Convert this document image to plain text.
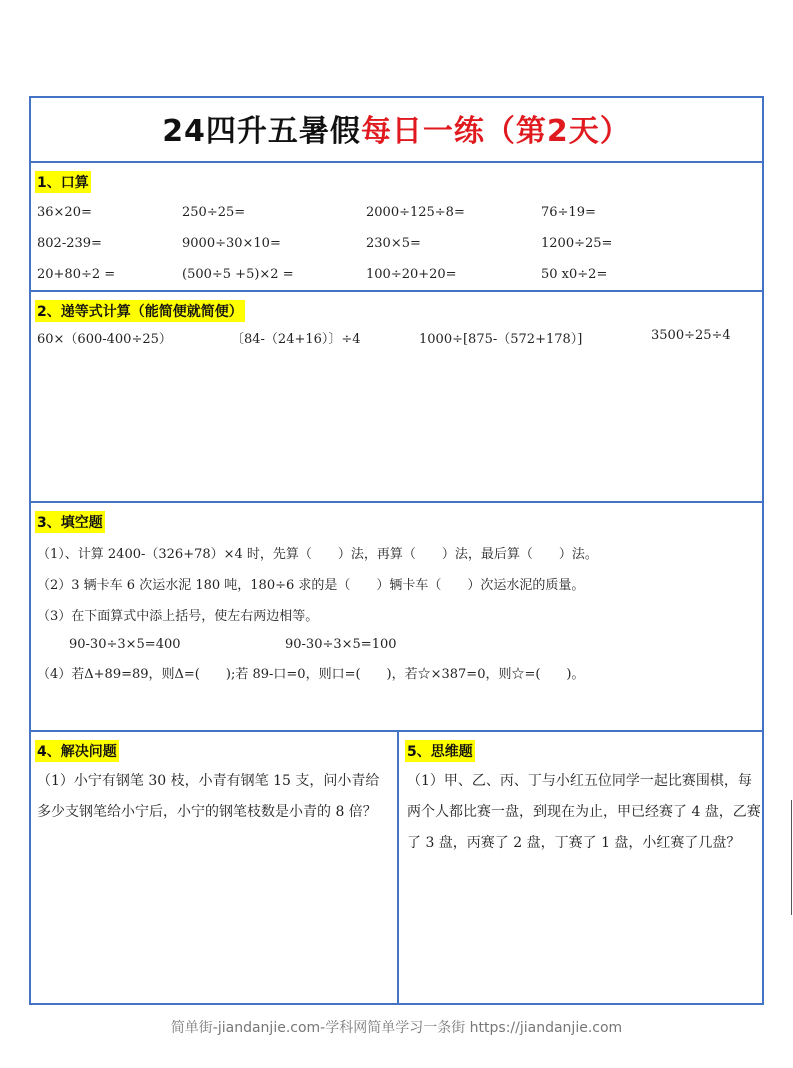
24四升五暑假每日一练（第2天）
1、口算
36×20=	250÷25=	2000÷125÷8=	76÷19=
802-239=	9000÷30×10=	230×5=	1200÷25=
20+80÷2 =	(500÷5 +5)×2 =	100÷20+20=	50 x0÷2=
2、递等式计算（能简便就简便）
60×（600-400÷25）	〔84-（24+16）〕÷4	1000÷[875-（572+178）]	3500÷25÷4
3、填空题
（1）、计算 2400-（326+78）×4 时，先算（　　）法，再算（　　）法，最后算（　　）法。
（2）3 辆卡车 6 次运水泥 180 吨，180÷6 求的是（　　）辆卡车（　　）次运水泥的质量。
（3）在下面算式中添上括号，使左右两边相等。
90-30÷3×5=400	90-30÷3×5=100
（4）若Δ+89=89，则Δ=(　　);若 89-口=0，则口=(　　)，若☆×387=0，则☆=(　　)。
4、解决问题
（1）小宁有钢笔 30 枝，小青有钢笔 15 支，问小青给多少支钢笔给小宁后，小宁的钢笔枝数是小青的 8 倍？
5、思维题
（1）甲、乙、丙、丁与小红五位同学一起比赛围棋，每两个人都比赛一盘，到现在为止，甲已经赛了 4 盘，乙赛了 3 盘，丙赛了 2 盘，丁赛了 1 盘，小红赛了几盘？
简单街-jiandanjie.com-学科网简单学习一条街 https://jiandanjie.com
